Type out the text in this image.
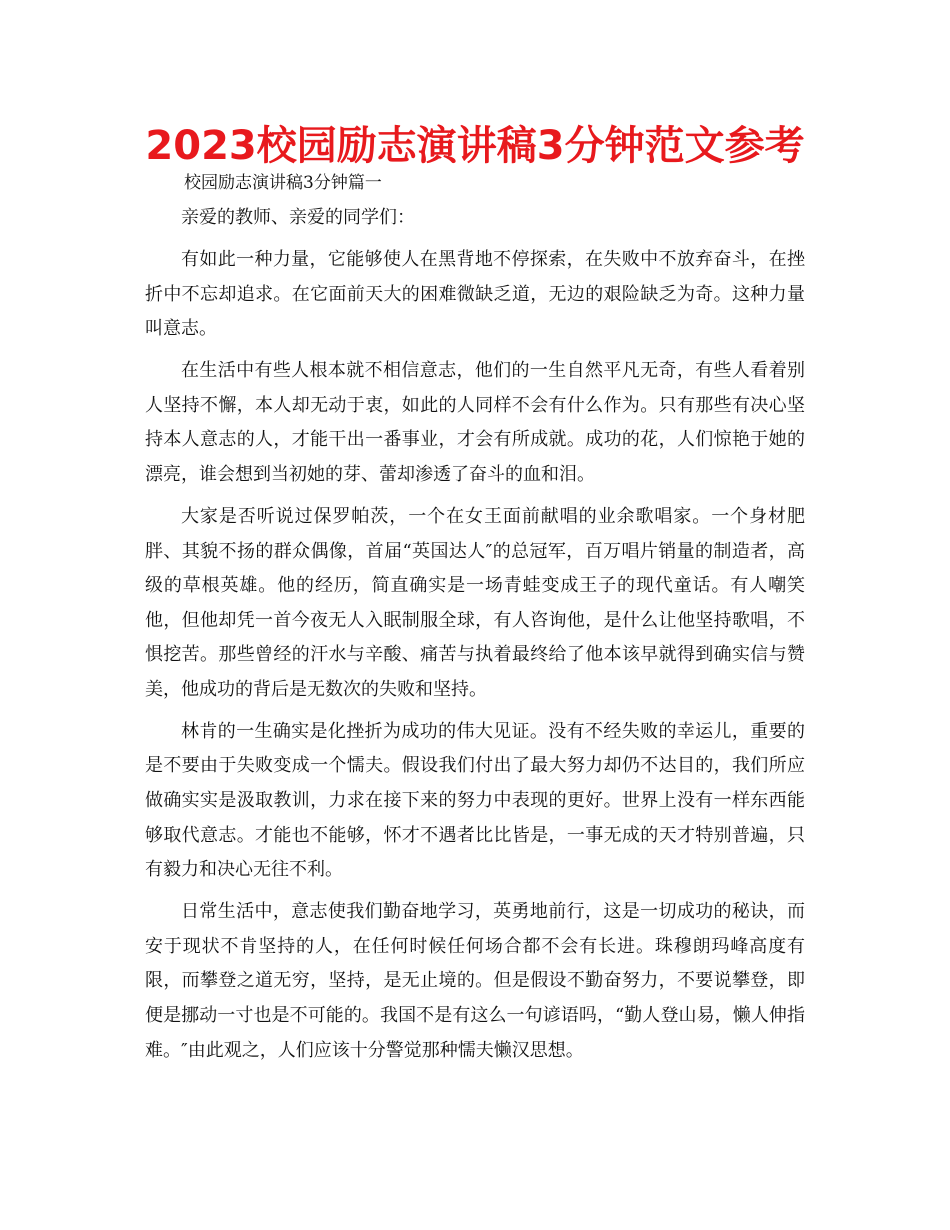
2023校园励志演讲稿3分钟范文参考
校园励志演讲稿3分钟篇一

亲爱的教师、亲爱的同学们：

有如此一种力量，它能够使人在黑背地不停探索，在失败中不放弃奋斗，在挫折中不忘却追求。在它面前天大的困难微缺乏道，无边的艰险缺乏为奇。这种力量叫意志。

在生活中有些人根本就不相信意志，他们的一生自然平凡无奇，有些人看着别人坚持不懈，本人却无动于衷，如此的人同样不会有什么作为。只有那些有决心坚持本人意志的人，才能干出一番事业，才会有所成就。成功的花，人们惊艳于她的漂亮，谁会想到当初她的芽、蕾却渗透了奋斗的血和泪。

大家是否听说过保罗帕茨，一个在女王面前献唱的业余歌唱家。一个身材肥胖、其貌不扬的群众偶像，首届“英国达人″的总冠军，百万唱片销量的制造者，高级的草根英雄。他的经历，简直确实是一场青蛙变成王子的现代童话。有人嘲笑他，但他却凭一首今夜无人入眠制服全球，有人咨询他，是什么让他坚持歌唱，不惧挖苦。那些曾经的汗水与辛酸、痛苦与执着最终给了他本该早就得到确实信与赞美，他成功的背后是无数次的失败和坚持。

林肯的一生确实是化挫折为成功的伟大见证。没有不经失败的幸运儿，重要的是不要由于失败变成一个懦夫。假设我们付出了最大努力却仍不达目的，我们所应做确实实是汲取教训，力求在接下来的努力中表现的更好。世界上没有一样东西能够取代意志。才能也不能够，怀才不遇者比比皆是，一事无成的天才特别普遍，只有毅力和决心无往不利。

日常生活中，意志使我们勤奋地学习，英勇地前行，这是一切成功的秘诀，而安于现状不肯坚持的人，在任何时候任何场合都不会有长进。珠穆朗玛峰高度有限，而攀登之道无穷，坚持，是无止境的。但是假设不勤奋努力，不要说攀登，即便是挪动一寸也是不可能的。我国不是有这么一句谚语吗，“勤人登山易，懒人伸指难。″由此观之，人们应该十分警觉那种懦夫懒汉思想。
